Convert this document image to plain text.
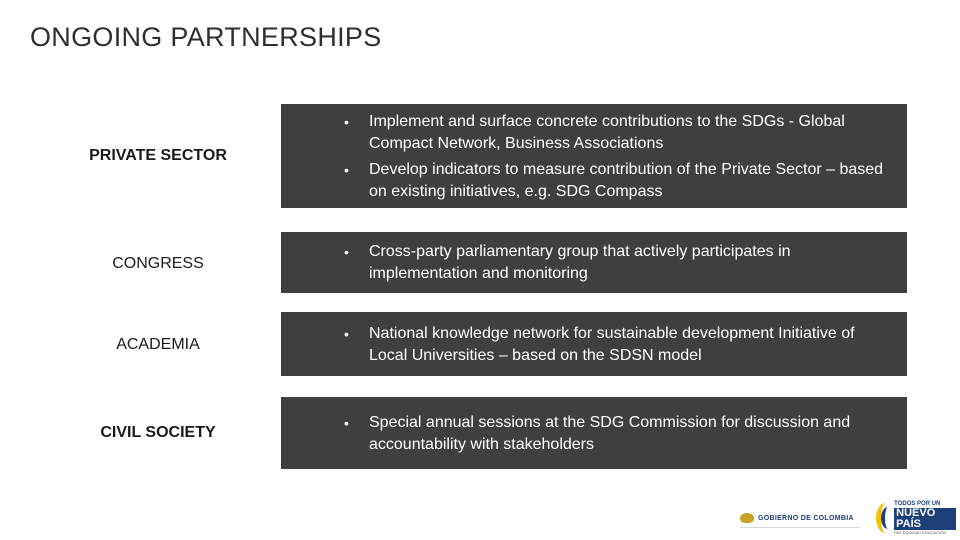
ONGOING PARTNERSHIPS
PRIVATE SECTOR
• Implement and surface concrete contributions to the SDGs - Global Compact Network, Business Associations
• Develop indicators to measure contribution of the Private Sector – based on existing initiatives, e.g. SDG Compass
CONGRESS
• Cross-party parliamentary group that actively participates in implementation and monitoring
ACADEMIA
• National knowledge network for sustainable development Initiative of Local Universities – based on the SDSN model
CIVIL SOCIETY
• Special annual sessions at the SDG Commission for discussion and accountability with stakeholders
GOBIERNO DE COLOMBIA
TODOS POR UN
NUEVO PAÍS
PAZ EQUIDAD EDUCACIÓN
